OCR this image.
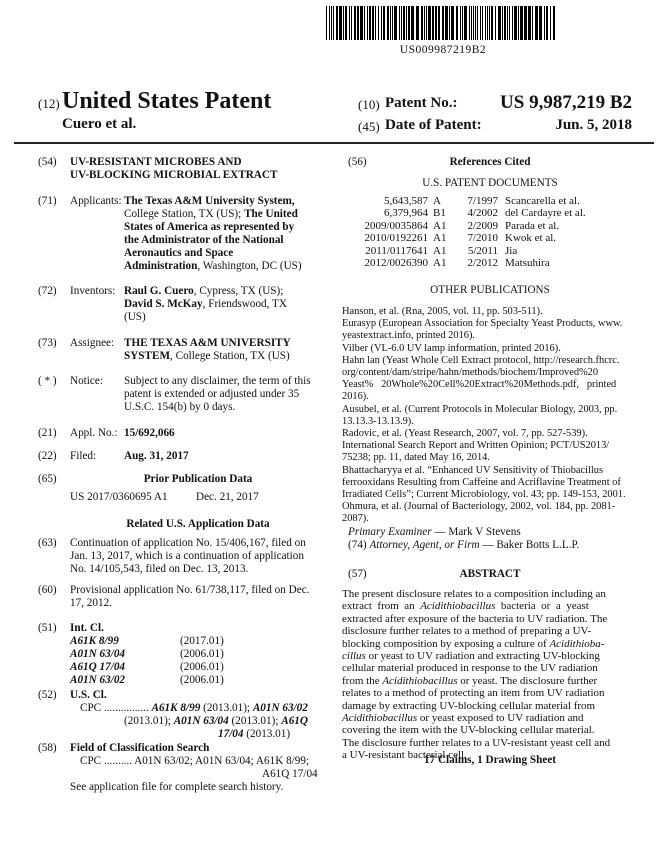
US009987219B2
(12) United States Patent
Cuero et al.
(10) Patent No.:	US 9,987,219 B2
(45) Date of Patent:	Jun. 5, 2018
(54) UV-RESISTANT MICROBES AND
UV-BLOCKING MICROBIAL EXTRACT
(71) Applicants: The Texas A&M University System,
College Station, TX (US); The United
States of America as represented by
the Administrator of the National
Aeronautics and Space
Administration, Washington, DC (US)
(72) Inventors: Raul G. Cuero, Cypress, TX (US);
David S. McKay, Friendswood, TX
(US)
(73) Assignee: THE TEXAS A&M UNIVERSITY
SYSTEM, College Station, TX (US)
( * ) Notice: Subject to any disclaimer, the term of this
patent is extended or adjusted under 35
U.S.C. 154(b) by 0 days.
(21) Appl. No.: 15/692,066
(22) Filed: Aug. 31, 2017
(65)	Prior Publication Data
US 2017/0360695 A1	Dec. 21, 2017
Related U.S. Application Data
(63) Continuation of application No. 15/406,167, filed on
Jan. 13, 2017, which is a continuation of application
No. 14/105,543, filed on Dec. 13, 2013.
(60) Provisional application No. 61/738,117, filed on Dec.
17, 2012.
(51) Int. Cl.
A61K 8/99	(2017.01)
A01N 63/04	(2006.01)
A61Q 17/04	(2006.01)
A01N 63/02	(2006.01)
(52) U.S. Cl.
CPC ................ A61K 8/99 (2013.01); A01N 63/02
(2013.01); A01N 63/04 (2013.01); A61Q
17/04 (2013.01)
(58) Field of Classification Search
CPC .......... A01N 63/02; A01N 63/04; A61K 8/99;
A61Q 17/04
See application file for complete search history.
(56)	References Cited
U.S. PATENT DOCUMENTS
5,643,587 A	7/1997 Scancarella et al.
6,379,964 B1	4/2002 del Cardayre et al.
2009/0035864 A1	2/2009 Parada et al.
2010/0192261 A1	7/2010 Kwok et al.
2011/0117641 A1	5/2011 Jia
2012/0026390 A1	2/2012 Matsuhira
OTHER PUBLICATIONS
Hanson, et al. (Rna, 2005, vol. 11, pp. 503-511).
Eurasyp (European Association for Specialty Yeast Products, www.
yeastextract.info, printed 2016).
Vilber (VL-6.0 UV lamp information, printed 2016).
Hahn lan (Yeast Whole Cell Extract protocol, http://research.fhcrc.
org/content/dam/stripe/hahn/methods/biochem/Improved%20
Yeast%   20Whole%20Cell%20Extract%20Methods.pdf,   printed
2016).
Ausubel, et al. (Current Protocols in Molecular Biology, 2003, pp.
13.13.3-13.13.9).
Radovic, et al. (Yeast Research, 2007, vol. 7, pp. 527-539).
International Search Report and Written Opinion; PCT/US2013/
75238; pp. 11, dated May 16, 2014.
Bhattacharyya et al. “Enhanced UV Sensitivity of Thiobacillus
ferrooxidans Resulting from Caffeine and Acriflavine Treatment of
Irradiated Cells”; Current Microbiology, vol. 43; pp. 149-153, 2001.
Ohmura, et al. (Journal of Bacteriology, 2002, vol. 184, pp. 2081-
2087).
Primary Examiner — Mark V Stevens
(74) Attorney, Agent, or Firm — Baker Botts L.L.P.
(57)	ABSTRACT
The present disclosure relates to a composition including an
extract  from  an  Acidithiobacillus  bacteria  or  a  yeast
extracted after exposure of the bacteria to UV radiation. The
disclosure further relates to a method of preparing a UV-
blocking composition by exposing a culture of Acidithioba-
cillus or yeast to UV radiation and extracting UV-blocking
cellular material produced in response to the UV radiation
from the Acidithiobacillus or yeast. The disclosure further
relates to a method of protecting an item from UV radiation
damage by extracting UV-blocking cellular material from
Acidithiobacillus or yeast exposed to UV radiation and
covering the item with the UV-blocking cellular material.
The disclosure further relates to a UV-resistant yeast cell and
a UV-resistant bacterial cell.
17 Claims, 1 Drawing Sheet
